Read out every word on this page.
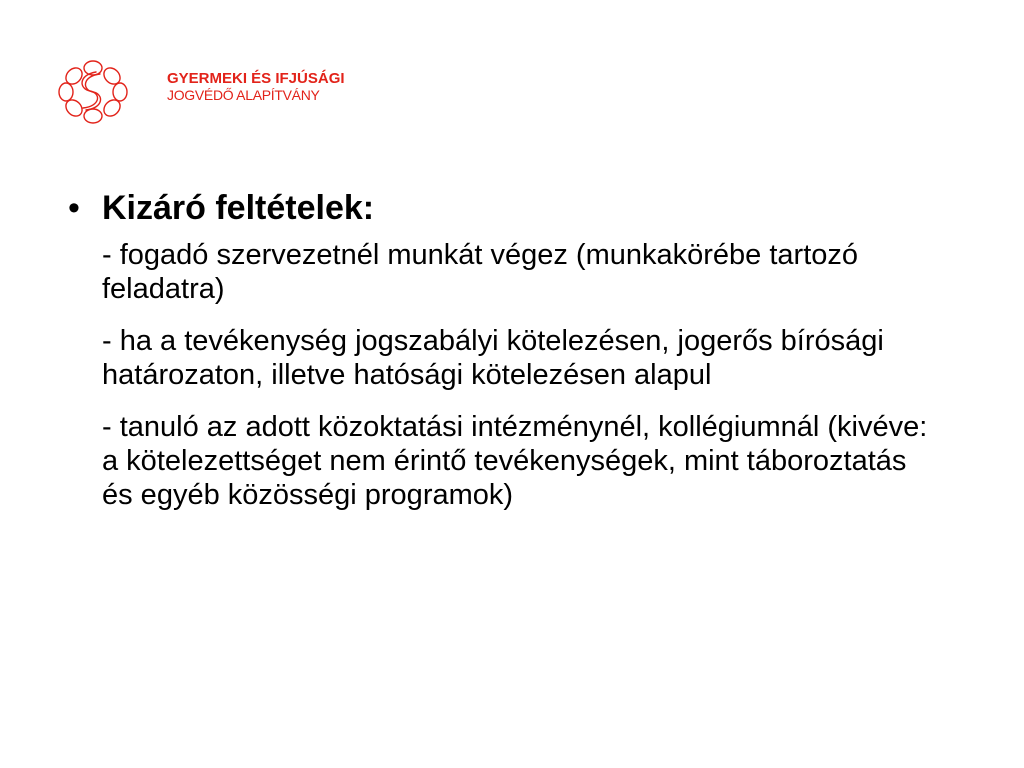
GYERMEKI ÉS IFJÚSÁGI
JOGVÉDŐ ALAPÍTVÁNY
• Kizáró feltételek:
- fogadó szervezetnél munkát végez (munkakörébe tartozó feladatra)
- ha a tevékenység jogszabályi kötelezésen, jogerős bírósági határozaton, illetve hatósági kötelezésen alapul
- tanuló az adott közoktatási intézménynél, kollégiumnál (kivéve: a kötelezettséget nem érintő tevékenységek, mint táboroztatás és egyéb közösségi programok)
